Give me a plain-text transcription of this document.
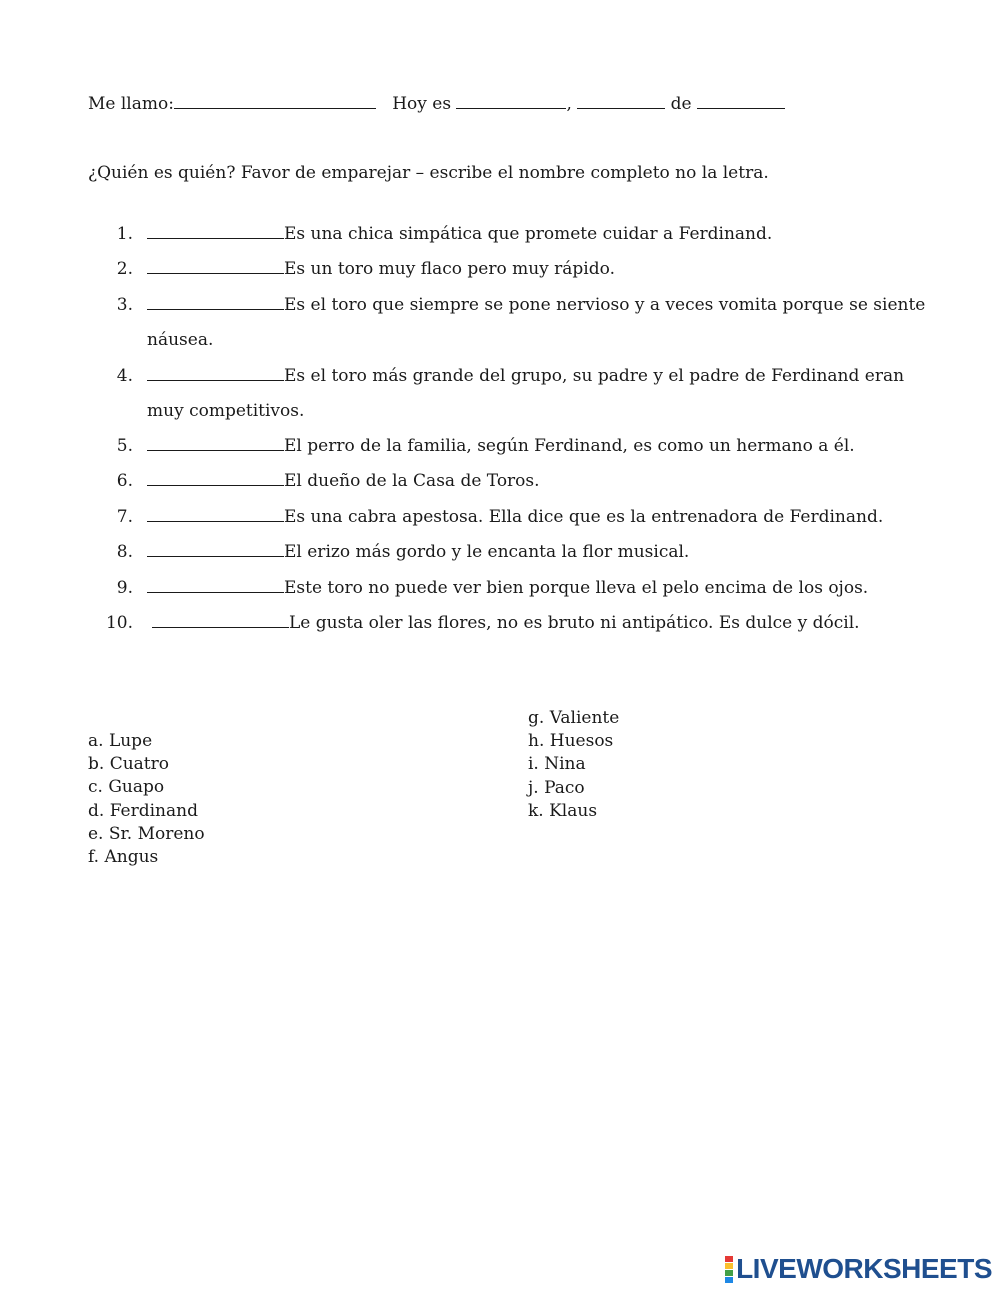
Me llamo:	Hoy es	,	de
¿Quién es quién? Favor de emparejar – escribe el nombre completo no la letra.
1.	Es una chica simpática que promete cuidar a Ferdinand.
2.	Es un toro muy flaco pero muy rápido.
3.	Es el toro que siempre se pone nervioso y a veces vomita porque se siente
náusea.
4.	Es el toro más grande del grupo, su padre y el padre de Ferdinand eran
muy competitivos.
5.	El perro de la familia, según Ferdinand, es como un hermano a él.
6.	El dueño de la Casa de Toros.
7.	Es una cabra apestosa. Ella dice que es la entrenadora de Ferdinand.
8.	El erizo más gordo y le encanta la flor musical.
9.	Este toro no puede ver bien porque lleva el pelo encima de los ojos.
10.	Le gusta oler las flores, no es bruto ni antipático. Es dulce y dócil.
a. Lupe
b. Cuatro
c. Guapo
d. Ferdinand
e. Sr. Moreno
f. Angus
g. Valiente
h. Huesos
i. Nina
j. Paco
k. Klaus
LIVEWORKSHEETS
